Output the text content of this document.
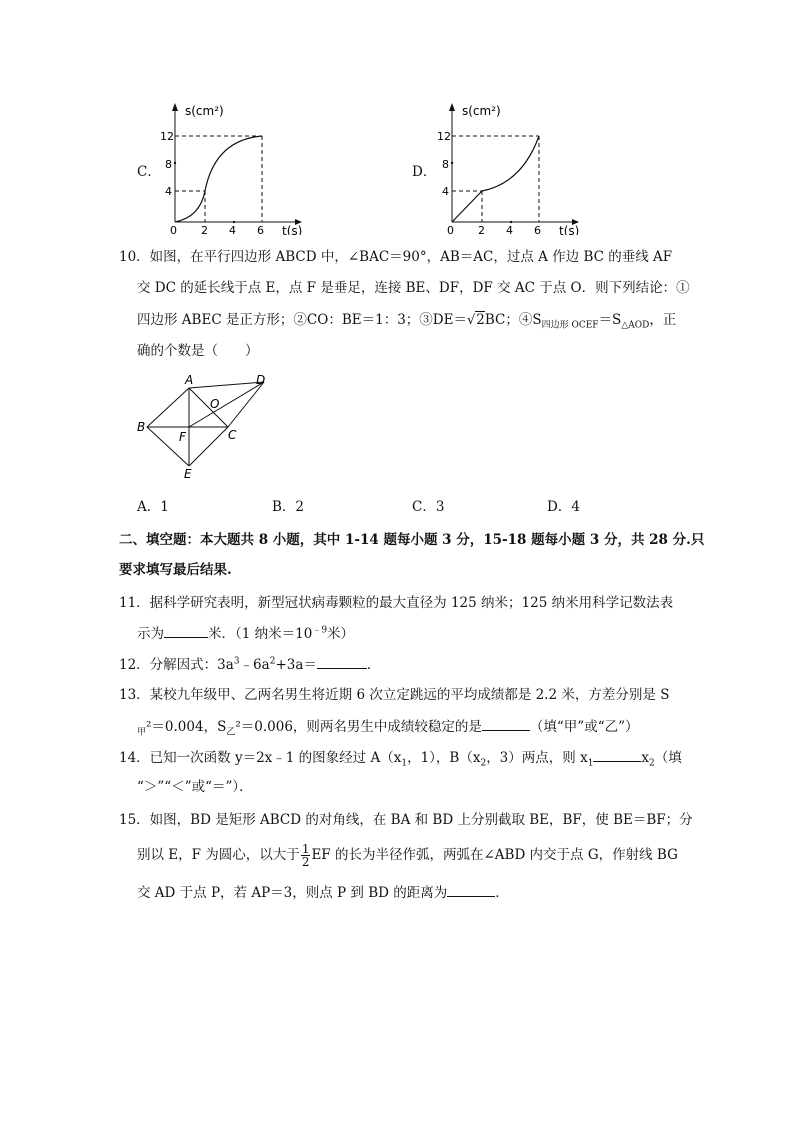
C．
s(cm²)
t(s)
12
8
4
0 2 4 6
D．
s(cm²)
t(s)
12
8
4
0 2 4 6
10．如图，在平行四边形 ABCD 中，∠BAC＝90°，AB＝AC，过点 A 作边 BC 的垂线 AF
交 DC 的延长线于点 E，点 F 是垂足，连接 BE、DF，DF 交 AC 于点 O．则下列结论：①
四边形 ABEC 是正方形；②CO：BE＝1：3；③DE＝√2BC；$④S_{四边形 OCEF}=S_{\triangle AOD}$，正
确的个数是（　　）
A	D
O
B
F	C
E
A．1	B．2	C．3	D．4
二、填空题：本大题共 8 小题，其中 1-14 题每小题 3 分，15-18 题每小题 3 分，共 28 分.只
要求填写最后结果.
11．据科学研究表明，新型冠状病毒颗粒的最大直径为 125 纳米；125 纳米用科学记数法表
示为	米．（1 纳米$=10^{﹣9}$米）
12．分解因式：$3a^3﹣6a^2+3a=$	．
13．某校九年级甲、乙两名男生将近期 6 次立定跳远的平均成绩都是 2.2 米，方差分别是 S
$_甲$²＝0.004，$S_乙^2=0.006$，则两名男生中成绩较稳定的是	（填“甲”或“乙”）
14．已知一次函数 y＝2x﹣1 的图象经过 $A(x_1$，1），$B(x_2$，3）两点，则 $x_1$	$x_2$（填
“＞”“＜”或“＝”）．
15．如图，BD 是矩形 ABCD 的对角线，在 BA 和 BD 上分别截取 BE，BF，使 BE＝BF；分
别以 E，F 为圆心，以大于 $\frac{1}{2}$ EF 的长为半径作弧，两弧在∠ABD 内交于点 G，作射线 BG
交 AD 于点 P，若 AP＝3，则点 P 到 BD 的距离为	．
